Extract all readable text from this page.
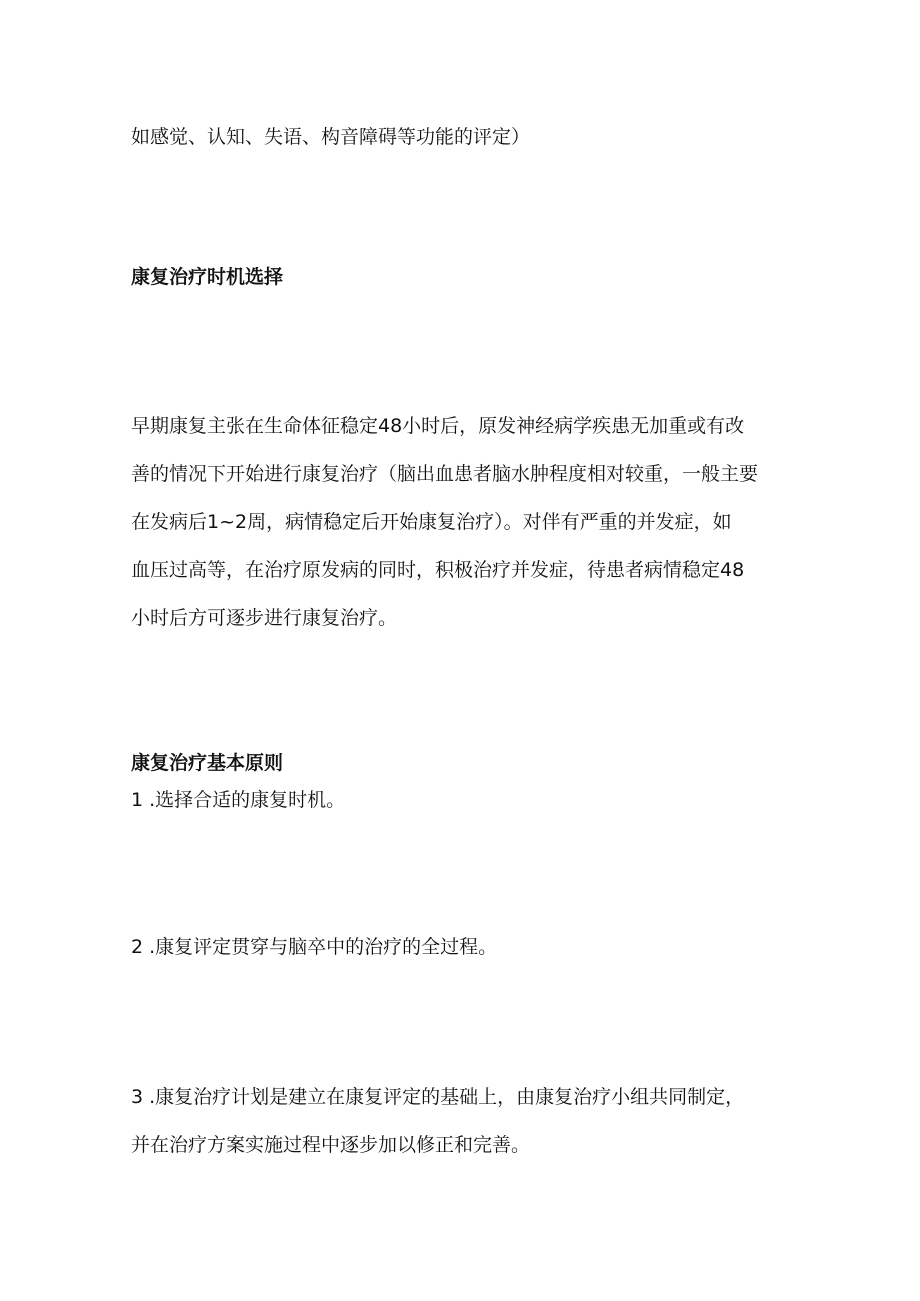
如感觉、认知、失语、构音障碍等功能的评定）

康复治疗时机选择

早期康复主张在生命体征稳定48小时后，原发神经病学疾患无加重或有改
善的情况下开始进行康复治疗（脑出血患者脑水肿程度相对较重，一般主要
在发病后1~2周，病情稳定后开始康复治疗）。对伴有严重的并发症，如
血压过高等，在治疗原发病的同时，积极治疗并发症，待患者病情稳定48
小时后方可逐步进行康复治疗。

康复治疗基本原则

1 .选择合适的康复时机。

2 .康复评定贯穿与脑卒中的治疗的全过程。

3 .康复治疗计划是建立在康复评定的基础上，由康复治疗小组共同制定，
并在治疗方案实施过程中逐步加以修正和完善。
